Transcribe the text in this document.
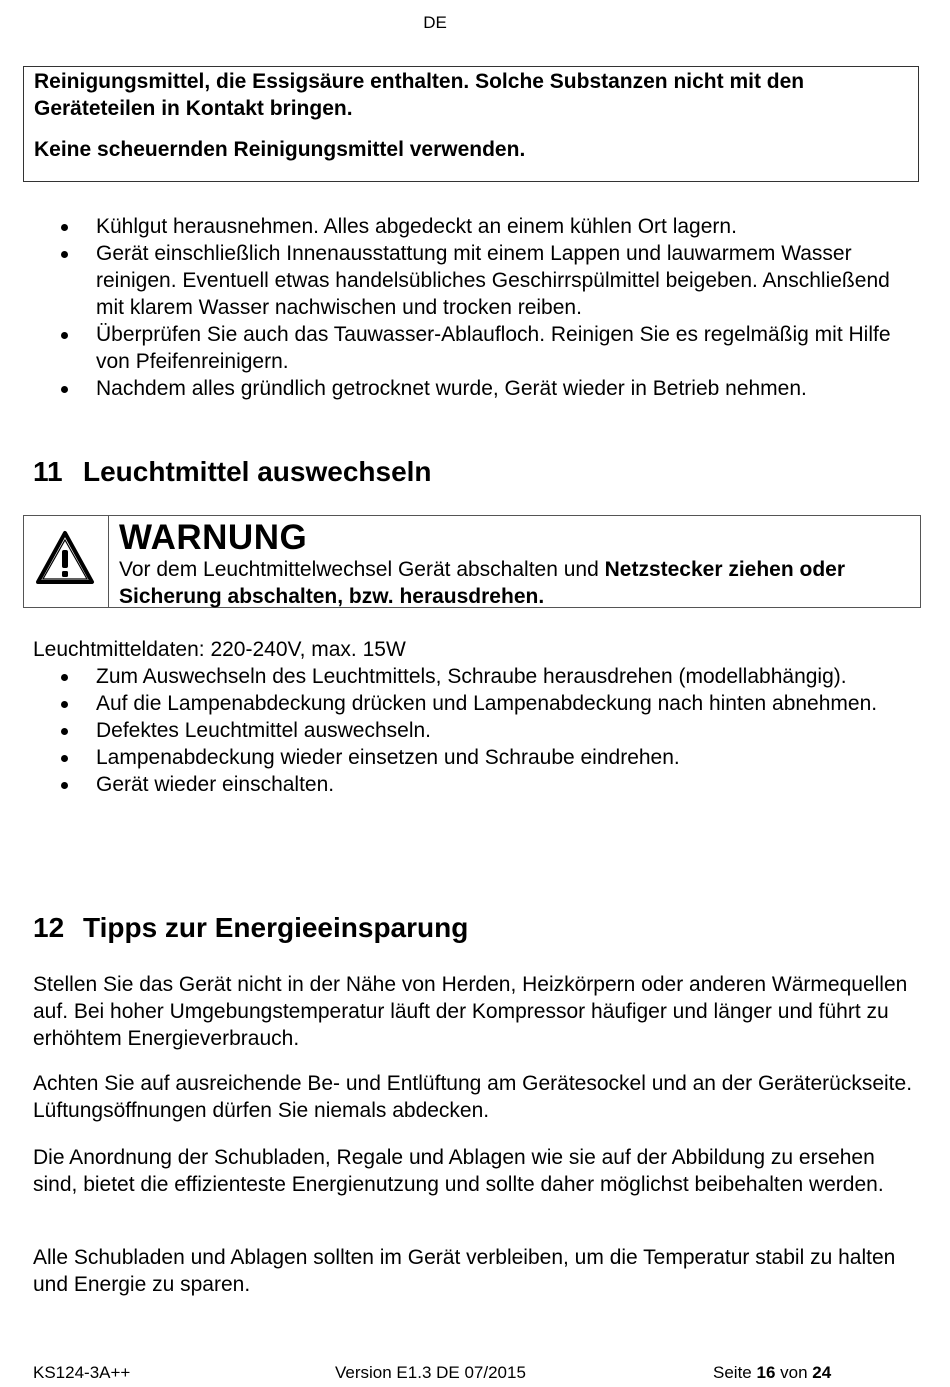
DE

Reinigungsmittel, die Essigsäure enthalten. Solche Substanzen nicht mit den Geräteteilen in Kontakt bringen.

Keine scheuernden Reinigungsmittel verwenden.

Kühlgut herausnehmen. Alles abgedeckt an einem kühlen Ort lagern.
Gerät einschließlich Innenausstattung mit einem Lappen und lauwarmem Wasser reinigen. Eventuell etwas handelsübliches Geschirrspülmittel beigeben. Anschließend mit klarem Wasser nachwischen und trocken reiben.
Überprüfen Sie auch das Tauwasser-Ablaufloch. Reinigen Sie es regelmäßig mit Hilfe von Pfeifenreinigern.
Nachdem alles gründlich getrocknet wurde, Gerät wieder in Betrieb nehmen.
11 Leuchtmittel auswechseln
WARNUNG
Vor dem Leuchtmittelwechsel Gerät abschalten und Netzstecker ziehen oder Sicherung abschalten, bzw. herausdrehen.
Leuchtmitteldaten: 220-240V, max. 15W
Zum Auswechseln des Leuchtmittels, Schraube herausdrehen (modellabhängig).
Auf die Lampenabdeckung drücken und Lampenabdeckung nach hinten abnehmen.
Defektes Leuchtmittel auswechseln.
Lampenabdeckung wieder einsetzen und Schraube eindrehen.
Gerät wieder einschalten.
12 Tipps zur Energieeinsparung

Stellen Sie das Gerät nicht in der Nähe von Herden, Heizkörpern oder anderen Wärmequellen auf. Bei hoher Umgebungstemperatur läuft der Kompressor häufiger und länger und führt zu erhöhtem Energieverbrauch.

Achten Sie auf ausreichende Be- und Entlüftung am Gerätesockel und an der Geräterückseite. Lüftungsöffnungen dürfen Sie niemals abdecken.

Die Anordnung der Schubladen, Regale und Ablagen wie sie auf der Abbildung zu ersehen sind, bietet die effizienteste Energienutzung und sollte daher möglichst beibehalten werden.

Alle Schubladen und Ablagen sollten im Gerät verbleiben, um die Temperatur stabil zu halten und Energie zu sparen.

KS124-3A++	Version E1.3 DE 07/2015	Seite 16 von 24
